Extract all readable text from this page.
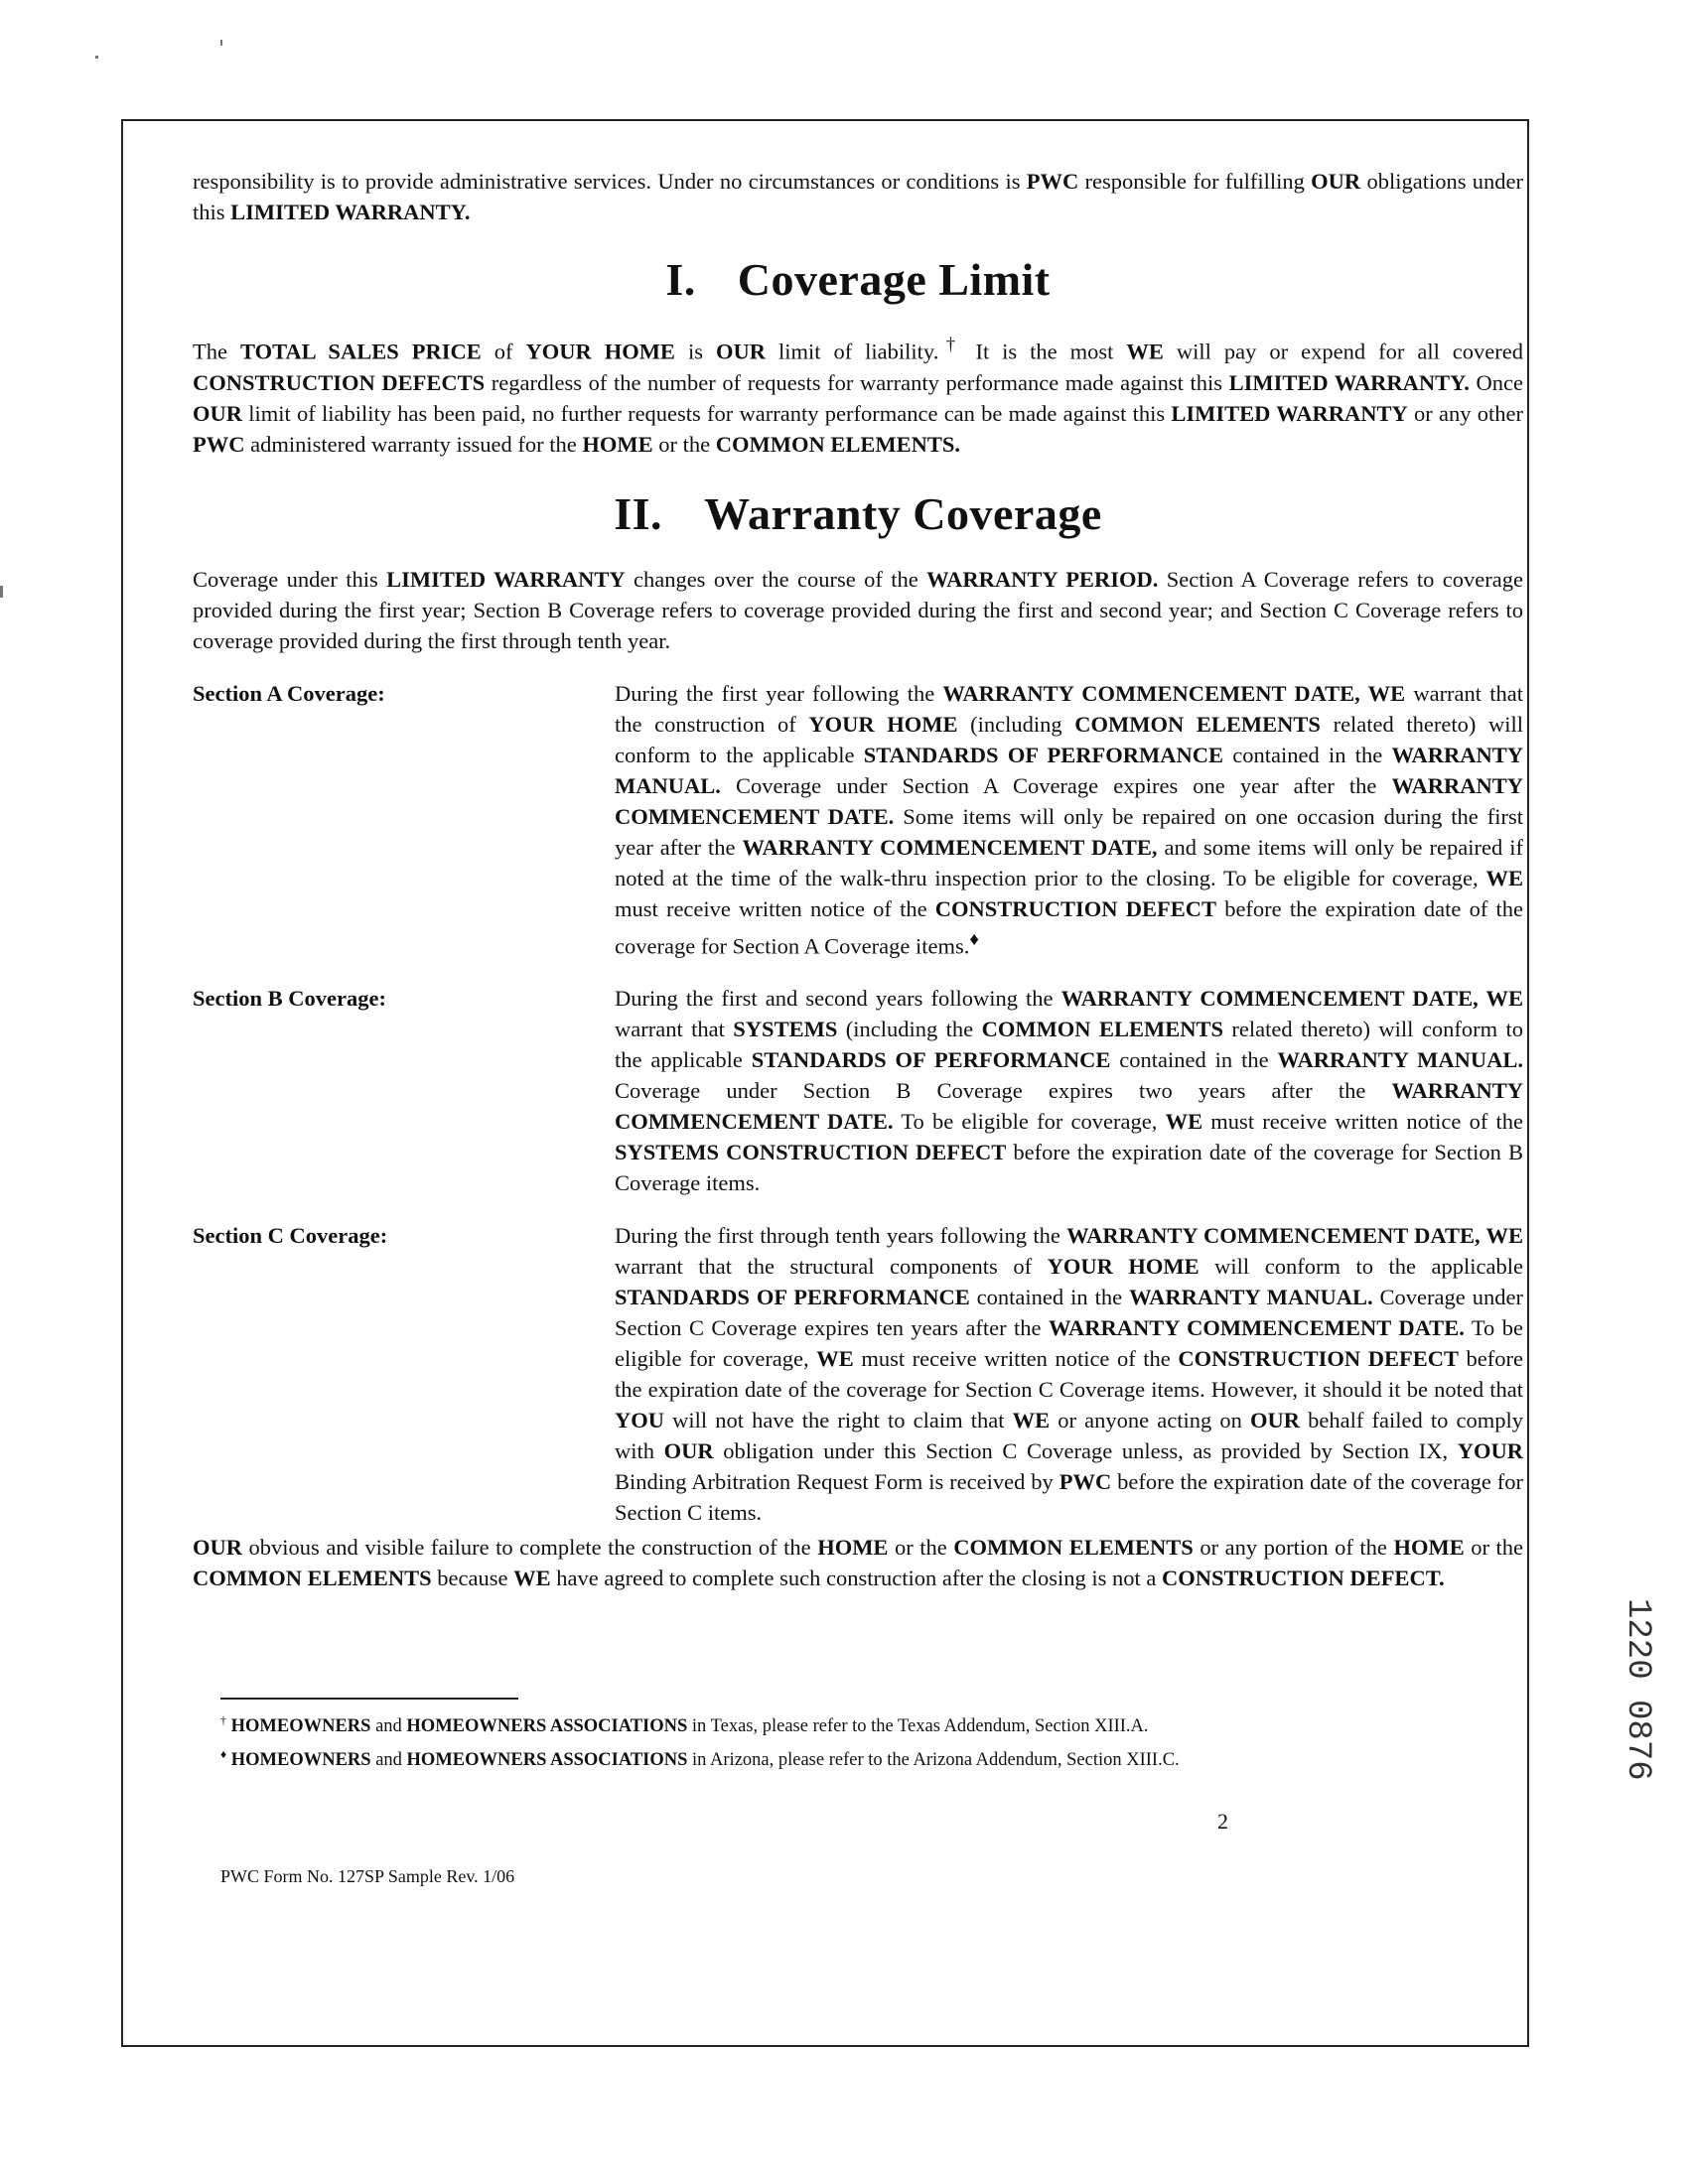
responsibility is to provide administrative services. Under no circumstances or conditions is PWC responsible for fulfilling OUR obligations under this LIMITED WARRANTY.

I. Coverage Limit

The TOTAL SALES PRICE of YOUR HOME is OUR limit of liability.† It is the most WE will pay or expend for all covered CONSTRUCTION DEFECTS regardless of the number of requests for warranty performance made against this LIMITED WARRANTY. Once OUR limit of liability has been paid, no further requests for warranty performance can be made against this LIMITED WARRANTY or any other PWC administered warranty issued for the HOME or the COMMON ELEMENTS.

II. Warranty Coverage

Coverage under this LIMITED WARRANTY changes over the course of the WARRANTY PERIOD. Section A Coverage refers to coverage provided during the first year; Section B Coverage refers to coverage provided during the first and second year; and Section C Coverage refers to coverage provided during the first through tenth year.

Section A Coverage:	During the first year following the WARRANTY COMMENCEMENT DATE, WE warrant that the construction of YOUR HOME (including COMMON ELEMENTS related thereto) will conform to the applicable STANDARDS OF PERFORMANCE contained in the WARRANTY MANUAL. Coverage under Section A Coverage expires one year after the WARRANTY COMMENCEMENT DATE. Some items will only be repaired on one occasion during the first year after the WARRANTY COMMENCEMENT DATE, and some items will only be repaired if noted at the time of the walk-thru inspection prior to the closing. To be eligible for coverage, WE must receive written notice of the CONSTRUCTION DEFECT before the expiration date of the coverage for Section A Coverage items.♦

Section B Coverage:	During the first and second years following the WARRANTY COMMENCEMENT DATE, WE warrant that SYSTEMS (including the COMMON ELEMENTS related thereto) will conform to the applicable STANDARDS OF PERFORMANCE contained in the WARRANTY MANUAL. Coverage under Section B Coverage expires two years after the WARRANTY COMMENCEMENT DATE. To be eligible for coverage, WE must receive written notice of the SYSTEMS CONSTRUCTION DEFECT before the expiration date of the coverage for Section B Coverage items.

Section C Coverage:	During the first through tenth years following the WARRANTY COMMENCEMENT DATE, WE warrant that the structural components of YOUR HOME will conform to the applicable STANDARDS OF PERFORMANCE contained in the WARRANTY MANUAL. Coverage under Section C Coverage expires ten years after the WARRANTY COMMENCEMENT DATE. To be eligible for coverage, WE must receive written notice of the CONSTRUCTION DEFECT before the expiration date of the coverage for Section C Coverage items. However, it should it be noted that YOU will not have the right to claim that WE or anyone acting on OUR behalf failed to comply with OUR obligation under this Section C Coverage unless, as provided by Section IX, YOUR Binding Arbitration Request Form is received by PWC before the expiration date of the coverage for Section C items.

OUR obvious and visible failure to complete the construction of the HOME or the COMMON ELEMENTS or any portion of the HOME or the COMMON ELEMENTS because WE have agreed to complete such construction after the closing is not a CONSTRUCTION DEFECT.

† HOMEOWNERS and HOMEOWNERS ASSOCIATIONS in Texas, please refer to the Texas Addendum, Section XIII.A.
♦ HOMEOWNERS and HOMEOWNERS ASSOCIATIONS in Arizona, please refer to the Arizona Addendum, Section XIII.C.
2
PWC Form No. 127SP Sample Rev. 1/06
1220 0876
